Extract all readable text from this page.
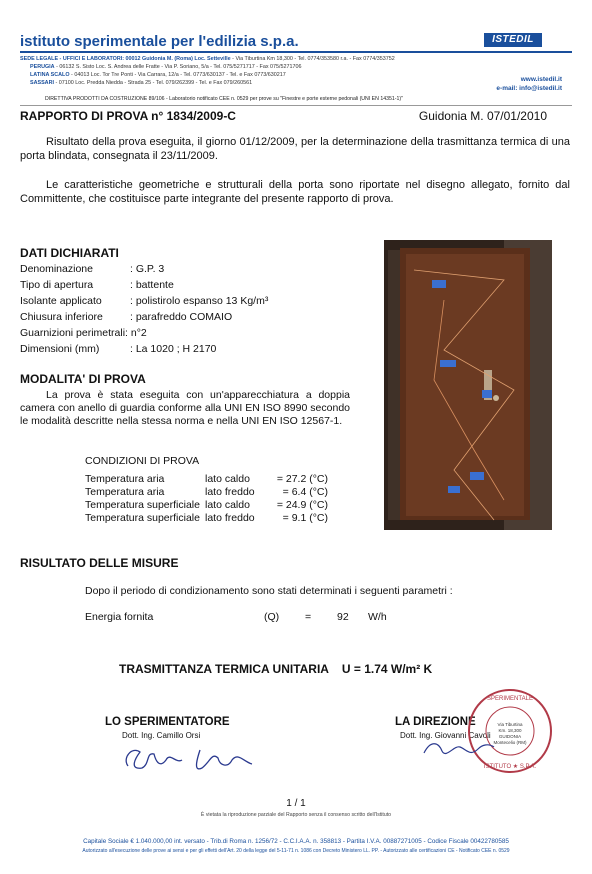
istituto sperimentale per l'edilizia s.p.a.	ISTEDIL
SEDE LEGALE - UFFICI E LABORATORI: 00012 Guidonia M. (Roma) Loc. Setteville - Via Tiburtina Km 18,300 - Tel. 0774/353580 r.a. - Fax 0774/353752
PERUGIA - 06132 S. Sisto Loc. S. Andrea delle Fratte - Via P. Soriano, 5/a - Tel. 075/5271717 - Fax 075/5271706
LATINA SCALO - 04013 Loc. Tor Tre Ponti - Via Carrara, 12/a - Tel. 0773/630137 - Tel. e Fax 0773/630217
SASSARI - 07100 Loc. Predda Niedda - Strada 25 - Tel. 079/262399 - Tel. e Fax 079/260561	www.istedil.it
e-mail: info@istedil.it
DIRETTIVA PRODOTTI DA COSTRUZIONE 89/106 - Laboratorio notificato CEE n. 0529 per prove su "Finestre e porte esterne pedonali (UNI EN 14351-1)"
RAPPORTO DI PROVA n° 1834/2009-C	Guidonia M. 07/01/2010
Risultato della prova eseguita, il giorno 01/12/2009, per la determinazione della trasmittanza termica di una porta blindata, consegnata il 23/11/2009.
Le caratteristiche geometriche e strutturali della porta sono riportate nel disegno allegato, fornito dal Committente, che costituisce parte integrante del presente rapporto di prova.
DATI DICHIARATI
Denominazione	: G.P. 3
Tipo di apertura	: battente
Isolante applicato	: polistirolo espanso 13 Kg/m³
Chiusura inferiore	: parafreddo COMAIO
Guarnizioni perimetrali: n°2
Dimensioni (mm)	: La 1020 ; H 2170
MODALITA' DI PROVA
La prova è stata eseguita con un'apparecchiatura a doppia camera con anello di guardia conforme alla UNI EN ISO 8990 secondo le modalità descritte nella stessa norma e nella UNI EN ISO 12567-1.
CONDIZIONI DI PROVA
Temperatura aria	lato caldo	= 27.2 (°C)
Temperatura aria	lato freddo	= 6.4 (°C)
Temperatura superficiale lato caldo	= 24.9 (°C)
Temperatura superficiale lato freddo	= 9.1 (°C)
RISULTATO DELLE MISURE
Dopo il periodo di condizionamento sono stati determinati i seguenti parametri :
Energia fornita	(Q) = 92 W/h
TRASMITTANZA TERMICA UNITARIA    U = 1.74 W/m² K
LO SPERIMENTATORE
Dott. Ing. Camillo Orsi
LA DIREZIONE
Dott. Ing. Giovanni Cavoli
SPERIMENTALE
ISTITUTO ★ S.P.A.
Via Tiburtina
Km. 18,300
GUIDONIA
Montecelio (RM)
1 / 1
È vietata la riproduzione parziale del Rapporto senza il consenso scritto dell'Istituto
Capitale Sociale € 1.040.000,00 int. versato - Trib.di Roma n. 1256/72 - C.C.I.A.A. n. 358813 - Partita I.V.A. 00887271005 - Codice Fiscale 00422780585
Autorizzato all'esecuzione delle prove ai sensi e per gli effetti dell'Art. 20 della legge del 5-11-71 n. 1086 con Decreto Ministero LL. PP. - Autorizzato alle certificazioni CE - Notificato CEE n. 0529
